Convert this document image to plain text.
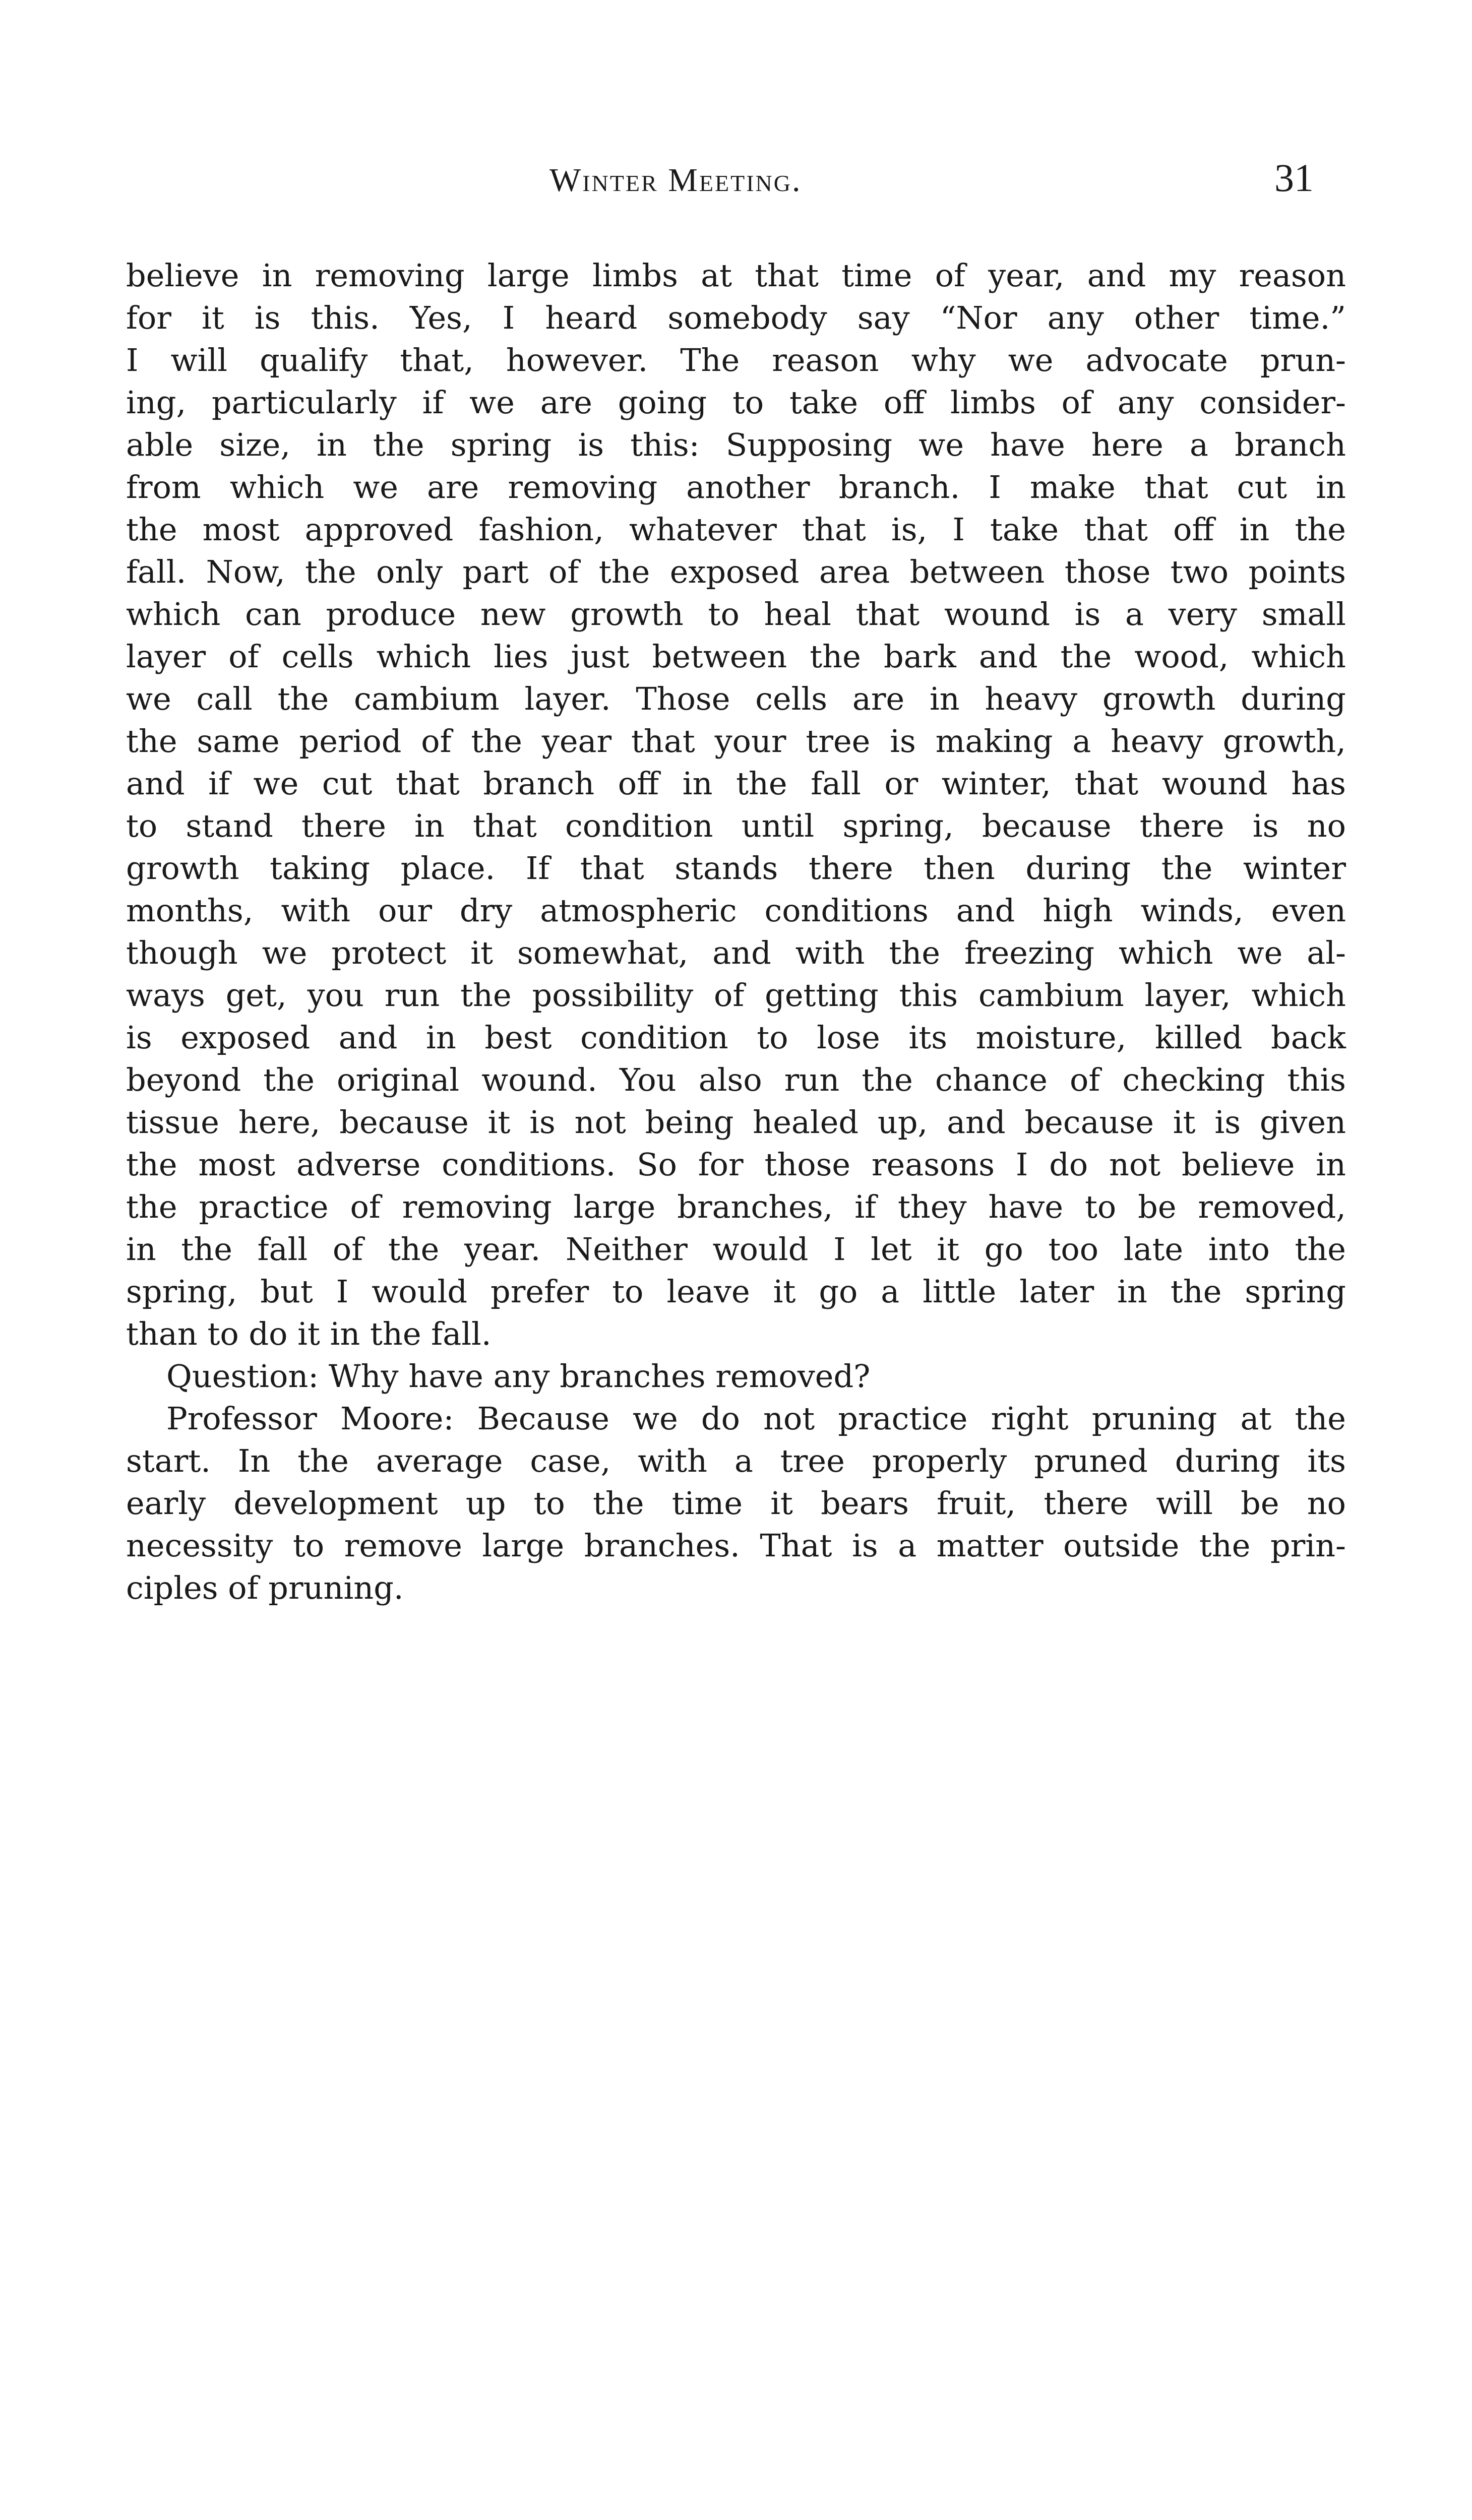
Winter Meeting.	31
believe in removing large limbs at that time of year, and my reason
for it is this. Yes, I heard somebody say “Nor any other time.”
I will qualify that, however. The reason why we advocate prun-
ing, particularly if we are going to take off limbs of any consider-
able size, in the spring is this: Supposing we have here a branch
from which we are removing another branch. I make that cut in
the most approved fashion, whatever that is, I take that off in the
fall. Now, the only part of the exposed area between those two points
which can produce new growth to heal that wound is a very small
layer of cells which lies just between the bark and the wood, which
we call the cambium layer. Those cells are in heavy growth during
the same period of the year that your tree is making a heavy growth,
and if we cut that branch off in the fall or winter, that wound has
to stand there in that condition until spring, because there is no
growth taking place. If that stands there then during the winter
months, with our dry atmospheric conditions and high winds, even
though we protect it somewhat, and with the freezing which we al-
ways get, you run the possibility of getting this cambium layer, which
is exposed and in best condition to lose its moisture, killed back
beyond the original wound. You also run the chance of checking this
tissue here, because it is not being healed up, and because it is given
the most adverse conditions. So for those reasons I do not believe in
the practice of removing large branches, if they have to be removed,
in the fall of the year. Neither would I let it go too late into the
spring, but I would prefer to leave it go a little later in the spring
than to do it in the fall.
Question: Why have any branches removed?
Professor Moore: Because we do not practice right pruning at the
start. In the average case, with a tree properly pruned during its
early development up to the time it bears fruit, there will be no
necessity to remove large branches. That is a matter outside the prin-
ciples of pruning.
